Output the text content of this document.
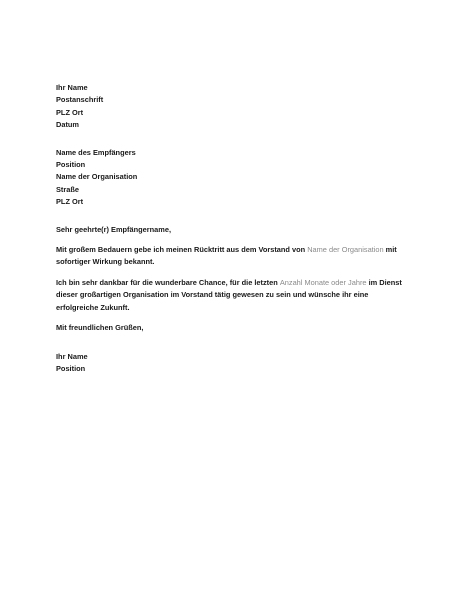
Ihr Name
Postanschrift
PLZ Ort
Datum
Name des Empfängers
Position
Name der Organisation
Straße
PLZ Ort

Sehr geehrte(r) Empfängername,

Mit großem Bedauern gebe ich meinen Rücktritt aus dem Vorstand von Name der Organisation mit
sofortiger Wirkung bekannt.

Ich bin sehr dankbar für die wunderbare Chance, für die letzten Anzahl Monate oder Jahre im Dienst
dieser großartigen Organisation im Vorstand tätig gewesen zu sein und wünsche ihr eine
erfolgreiche Zukunft.

Mit freundlichen Grüßen,

Ihr Name
Position
